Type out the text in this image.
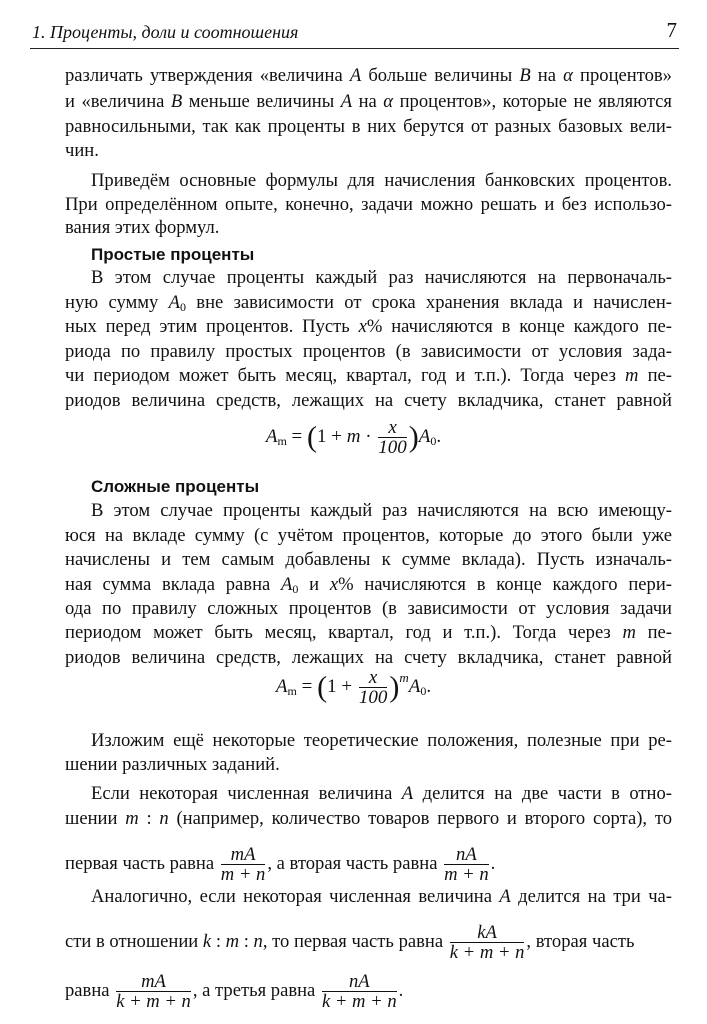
1. Проценты, доли и соотношения	7
различать утверждения «величина A больше величины B на α процентов»
и «величина B меньше величины A на α процентов», которые не являются
равносильными, так как проценты в них берутся от разных базовых вели-
чин.
Приведём основные формулы для начисления банковских процентов.
При определённом опыте, конечно, задачи можно решать и без использо-
вания этих формул.
Простые проценты
В этом случае проценты каждый раз начисляются на первоначаль-
ную сумму $A_0$ вне зависимости от срока хранения вклада и начислен-
ных перед этим процентов. Пусть x% начисляются в конце каждого пе-
риода по правилу простых процентов (в зависимости от условия зада-
чи периодом может быть месяц, квартал, год и т.п.). Тогда через m пе-
риодов величина средств, лежащих на счету вкладчика, станет равной
Сложные проценты
В этом случае проценты каждый раз начисляются на всю имеющу-
юся на вкладе сумму (с учётом процентов, которые до этого были уже
начислены и тем самым добавлены к сумме вклада). Пусть изначаль-
ная сумма вклада равна $A_0$ и x% начисляются в конце каждого пери-
ода по правилу сложных процентов (в зависимости от условия задачи
периодом может быть месяц, квартал, год и т.п.). Тогда через m пе-
риодов величина средств, лежащих на счету вкладчика, станет равной
Изложим ещё некоторые теоретические положения, полезные при ре-
шении различных заданий.
Если некоторая численная величина A делится на две части в отно-
шении m : n (например, количество товаров первого и второго сорта), то
первая часть равна $\frac{mA}{m + n}$ , а вторая часть равна $\frac{nA}{m + n}$ .
Аналогично, если некоторая численная величина A делится на три ча-
сти в отношении k : m : n, то первая часть равна $\frac{kA}{k + m + n}$ , вторая часть
равна $\frac{mA}{k + m + n}$ , а третья равна $\frac{nA}{k + m + n}$ .
$A_m = (1 + m \cdot \frac{x}{100} )A_0$.
$A_m = (1 + \frac{x}{100} )^mA_0$.
